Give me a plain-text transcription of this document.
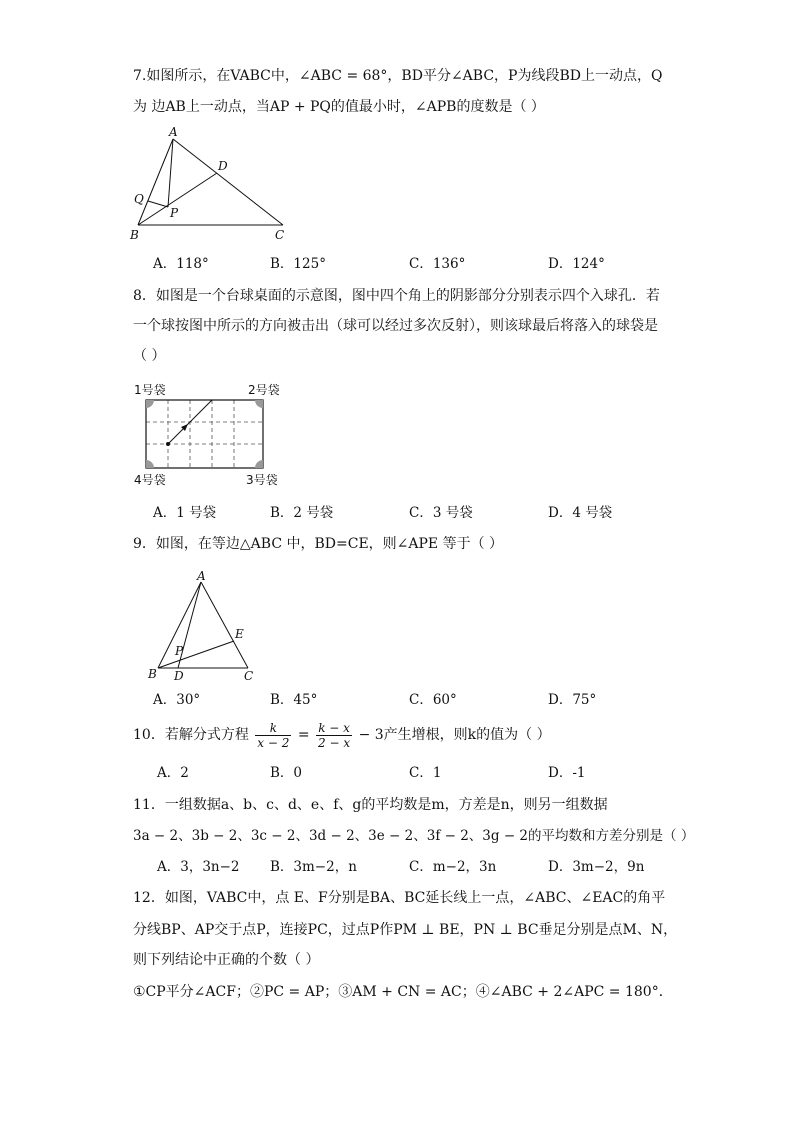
7.如图所示，在VABC中，∠ABC = 68°，BD平分∠ABC，P为线段BD上一动点，Q
为 边AB上一动点，当AP + PQ的值最小时，∠APB的度数是（ ）
A
B	C
D
P
Q
A．118°	B．125°	C．136°	D．124°
8．如图是一个台球桌面的示意图，图中四个角上的阴影部分分别表示四个入球孔．若
一个球按图中所示的方向被击出（球可以经过多次反射），则该球最后将落入的球袋是
（ ）
1号袋	2号袋
3号袋
4号袋
A．1 号袋	B．2 号袋	C．3 号袋	D．4 号袋
9．如图，在等边△ABC 中，BD=CE，则∠APE 等于（ ）
A
B	C
D
E
P
A．30°	B．45°	C．60°	D．75°
10．若解分式方程 $\frac{k}{x - 2} = \frac{k - x}{2 - x} - 3$产生增根，则k的值为（ ）
A．2	B．0	C．1	D．-1
11．一组数据a、b、c、d、e、f、g的平均数是m，方差是n，则另一组数据
3a − 2、3b − 2、3c − 2、3d − 2、3e − 2、3f − 2、3g − 2的平均数和方差分别是（ ）
A．3，3n−2 B．3m−2，n	C．m−2，3n	D．3m−2，9n
12．如图，VABC中，点 E、F分别是BA、BC延长线上一点，∠ABC、∠EAC的角平
分线BP、AP交于点P，连接PC，过点P作PM ⊥ BE，PN ⊥ BC垂足分别是点M、N，
则下列结论中正确的个数（ ）
①CP平分∠ACF；②PC = AP；③AM + CN = AC；④∠ABC + 2∠APC = 180°．
